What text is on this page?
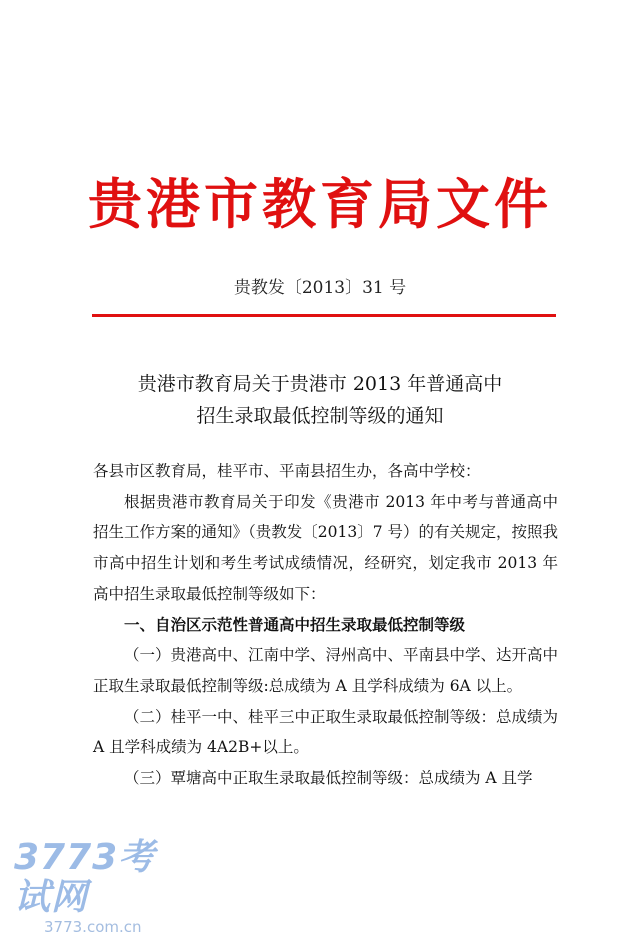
贵港市教育局文件
贵教发〔2013〕31 号
贵港市教育局关于贵港市 2013 年普通高中
招生录取最低控制等级的通知

各县市区教育局，桂平市、平南县招生办，各高中学校：

根据贵港市教育局关于印发《贵港市 2013 年中考与普通高中招生工作方案的通知》（贵教发〔2013〕7 号）的有关规定，按照我市高中招生计划和考生考试成绩情况，经研究，划定我市 2013 年高中招生录取最低控制等级如下：

一、自治区示范性普通高中招生录取最低控制等级

（一）贵港高中、江南中学、浔州高中、平南县中学、达开高中正取生录取最低控制等级:总成绩为 A 且学科成绩为 6A 以上。

（二）桂平一中、桂平三中正取生录取最低控制等级：总成绩为 A 且学科成绩为 4A2B+以上。

（三）覃塘高中正取生录取最低控制等级：总成绩为 A 且学

3773考试网
3773.com.cn
